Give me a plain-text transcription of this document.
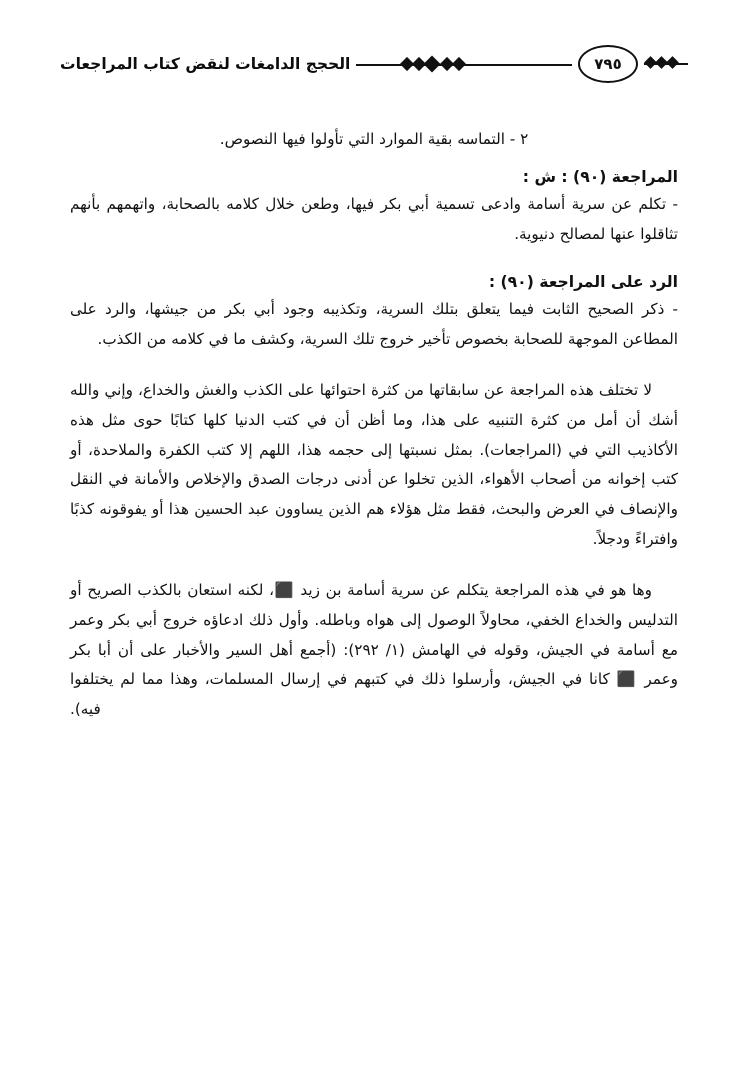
الحجج الدامغات لنقض كتاب المراجعات	٧٩٥
٢ - التماسه بقية الموارد التي تأولوا فيها النصوص.
المراجعة (٩٠) : ش :

- تكلم عن سرية أسامة وادعى تسمية أبي بكر فيها، وطعن خلال كلامه بالصحابة، واتهمهم بأنهم تثاقلوا عنها لمصالح دنيوية.

الرد على المراجعة (٩٠) :

- ذكر الصحيح الثابت فيما يتعلق بتلك السرية، وتكذيبه وجود أبي بكر من جيشها، والرد على المطاعن الموجهة للصحابة بخصوص تأخير خروج تلك السرية، وكشف ما في كلامه من الكذب.

لا تختلف هذه المراجعة عن سابقاتها من كثرة احتوائها على الكذب والغش والخداع، وإني والله أشك أن أمل من كثرة التنبيه على هذا، وما أظن أن في كتب الدنيا كلها كتابًا حوى مثل هذه الأكاذيب التي في (المراجعات). بمثل نسبتها إلى حجمه هذا، اللهم إلا كتب الكفرة والملاحدة، أو كتب إخوانه من أصحاب الأهواء، الذين تخلوا عن أدنى درجات الصدق والإخلاص والأمانة في النقل والإنصاف في العرض والبحث، فقط مثل هؤلاء هم الذين يساوون عبد الحسين هذا أو يفوقونه كذبًا وافتراءً ودجلاً.

وها هو في هذه المراجعة يتكلم عن سرية أسامة بن زيد ⬛، لكنه استعان بالكذب الصريح أو التدليس والخداع الخفي، محاولاً الوصول إلى هواه وباطله. وأول ذلك ادعاؤه خروج أبي بكر وعمر مع أسامة في الجيش، وقوله في الهامش (١/ ٢٩٢): (أجمع أهل السير والأخبار على أن أبا بكر وعمر ⬛ كانا في الجيش، وأرسلوا ذلك في كتبهم في إرسال المسلمات، وهذا مما لم يختلفوا فيه).
